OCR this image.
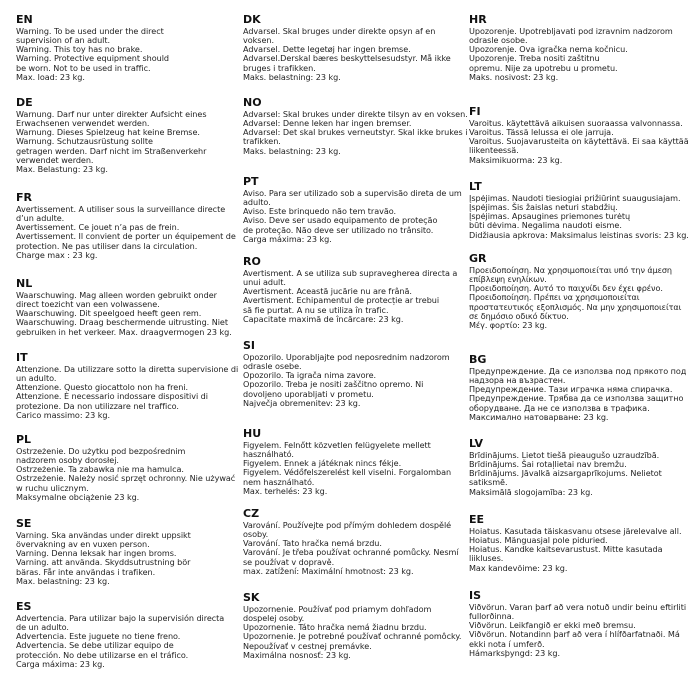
EN
Warning. To be used under the direct
supervision of an adult.
Warning. This toy has no brake.
Warning. Protective equipment should
be worn. Not to be used in traffic.
Max. load: 23 kg.
DE
Warnung. Darf nur unter direkter Aufsicht eines
Erwachsenen verwendet werden.
Warnung. Dieses Spielzeug hat keine Bremse.
Warnung. Schutzausrüstung sollte
getragen werden. Darf nicht im Straßenverkehr
verwendet werden.
Max. Belastung: 23 kg.
FR
Avertissement. A utiliser sous la surveillance directe
d’un adulte.
Avertissement. Ce jouet n’a pas de frein.
Avertissement. Il convient de porter un équipement de
protection. Ne pas utiliser dans la circulation.
Charge max : 23 kg.
NL
Waarschuwing. Mag alleen worden gebruikt onder
direct toezicht van een volwassene.
Waarschuwing. Dit speelgoed heeft geen rem.
Waarschuwing. Draag beschermende uitrusting. Niet
gebruiken in het verkeer. Max. draagvermogen 23 kg.
IT
Attenzione. Da utilizzare sotto la diretta supervisione di
un adulto.
Attenzione. Questo giocattolo non ha freni.
Attenzione. È necessario indossare dispositivi di
protezione. Da non utilizzare nel traffico.
Carico massimo: 23 kg.
PL
Ostrzeżenie. Do użytku pod bezpośrednim
nadzorem osoby dorosłej.
Ostrzeżenie. Ta zabawka nie ma hamulca.
Ostrzeżenie. Należy nosić sprzęt ochronny. Nie używać
w ruchu ulicznym.
Maksymalne obciążenie 23 kg.
SE
Varning. Ska användas under direkt uppsikt
övervakning av en vuxen person.
Varning. Denna leksak har ingen broms.
Varning. att använda. Skyddsutrustning bör
bäras. Får inte användas i trafiken.
Max. belastning: 23 kg.
ES
Advertencia. Para utilizar bajo la supervisión directa
de un adulto.
Advertencia. Este juguete no tiene freno.
Advertencia. Se debe utilizar equipo de
protección. No debe utilizarse en el tráfico.
Carga máxima: 23 kg.
DK
Advarsel. Skal bruges under direkte opsyn af en
voksen.
Advarsel. Dette legetøj har ingen bremse.
Advarsel.Derskal bæres beskyttelsesudstyr. Må ikke
bruges i trafikken.
Maks. belastning: 23 kg.
NO
Advarsel: Skal brukes under direkte tilsyn av en voksen.
Advarsel: Denne leken har ingen bremser.
Advarsel: Det skal brukes verneutstyr. Skal ikke brukes i
trafikken.
Maks. belastning: 23 kg.
PT
Aviso. Para ser utilizado sob a supervisão direta de um
adulto.
Aviso. Este brinquedo não tem travão.
Aviso. Deve ser usado equipamento de proteção
de proteção. Não deve ser utilizado no trânsito.
Carga máxima: 23 kg.
RO
Avertisment. A se utiliza sub supravegherea directa a
unui adult.
Avertisment. Această jucărie nu are frână.
Avertisment. Echipamentul de protecție ar trebui
să fie purtat. A nu se utiliza în trafic.
Capacitate maximă de încărcare: 23 kg.
SI
Opozorilo. Uporabljajte pod neposrednim nadzorom
odrasle osebe.
Opozorilo. Ta igrača nima zavore.
Opozorilo. Treba je nositi zaščitno opremo. Ni
dovoljeno uporabljati v prometu.
Največja obremenitev: 23 kg.
HU
Figyelem. Felnőtt közvetlen felügyelete mellett
használható.
Figyelem. Ennek a játéknak nincs fékje.
Figyelem. Védőfelszerelést kell viselni. Forgalomban
nem használható.
Max. terhelés: 23 kg.
CZ
Varování. Používejte pod přímým dohledem dospělé
osoby.
Varování. Tato hračka nemá brzdu.
Varování. Je třeba používat ochranné pomůcky. Nesmí
se používat v dopravě.
max. zatížení: Maximální hmotnost: 23 kg.
SK
Upozornenie. Používať pod priamym dohľadom
dospelej osoby.
Upozornenie. Táto hračka nemá žiadnu brzdu.
Upozornenie. Je potrebné používať ochranné pomôcky.
Nepoužívať v cestnej premávke.
Maximálna nosnosť: 23 kg.
HR
Upozorenje. Upotrebljavati pod izravnim nadzorom
odrasle osobe.
Upozorenje. Ova igračka nema kočnicu.
Upozorenje. Treba nositi zaštitnu
opremu. Nije za upotrebu u prometu.
Maks. nosivost: 23 kg.
FI
Varoitus. käytettävä aikuisen suoraassa valvonnassa.
Varoitus. Tässä lelussa ei ole jarruja.
Varoitus. Suojavarusteita on käytettävä. Ei saa käyttää
liikenteessä.
Maksimikuorma: 23 kg.
LT
Įspėjimas. Naudoti tiesiogiai prižiūrint suaugusiajam.
Įspėjimas. Šis žaislas neturi stabdžių.
Įspėjimas. Apsaugines priemones turėtų
būti dėvima. Negalima naudoti eisme.
Didžiausia apkrova: Maksimalus leistinas svoris: 23 kg.
GR
Προειδοποίηση. Να χρησιμοποιείται υπό την άμεση
επίβλεψη ενηλίκων.
Προειδοποίηση. Αυτό το παιχνίδι δεν έχει φρένο.
Προειδοποίηση. Πρέπει να χρησιμοποιείται
προστατευτικός εξοπλισμός. Να μην χρησιμοποιείται
σε δημόσιο οδικό δίκτυο.
Μέγ. φορτίο: 23 kg.
BG
Предупреждение. Да се използва под прякото под
надзора на възрастен.
Предупреждение. Тази играчка няма спирачка.
Предупреждение. Трябва да се използва защитно
оборудване. Да не се използва в трафика.
Максимално натоварване: 23 kg.
LV
Brīdinājums. Lietot tiešā pieaugušo uzraudzībā.
Brīdinājums. Šai rotaļlietai nav bremžu.
Brīdinājums. Jāvalkā aizsargaprīkojums. Nelietot
satiksmē.
Maksimālā slogojamība: 23 kg.
EE
Hoiatus. Kasutada täiskasvanu otsese järelevalve all.
Hoiatus. Mänguasjal pole piduried.
Hoiatus. Kandke kaitsevarustust. Mitte kasutada
liikluses.
Max kandevõime: 23 kg.
IS
Viðvörun. Varan þarf að vera notuð undir beinu eftirliti
fullorðinna.
Viðvörun. Leikfangið er ekki með bremsu.
Viðvörun. Notandinn þarf að vera í hlífðarfatnaði. Má
ekki nota í umferð.
Hámarksþyngd: 23 kg.
